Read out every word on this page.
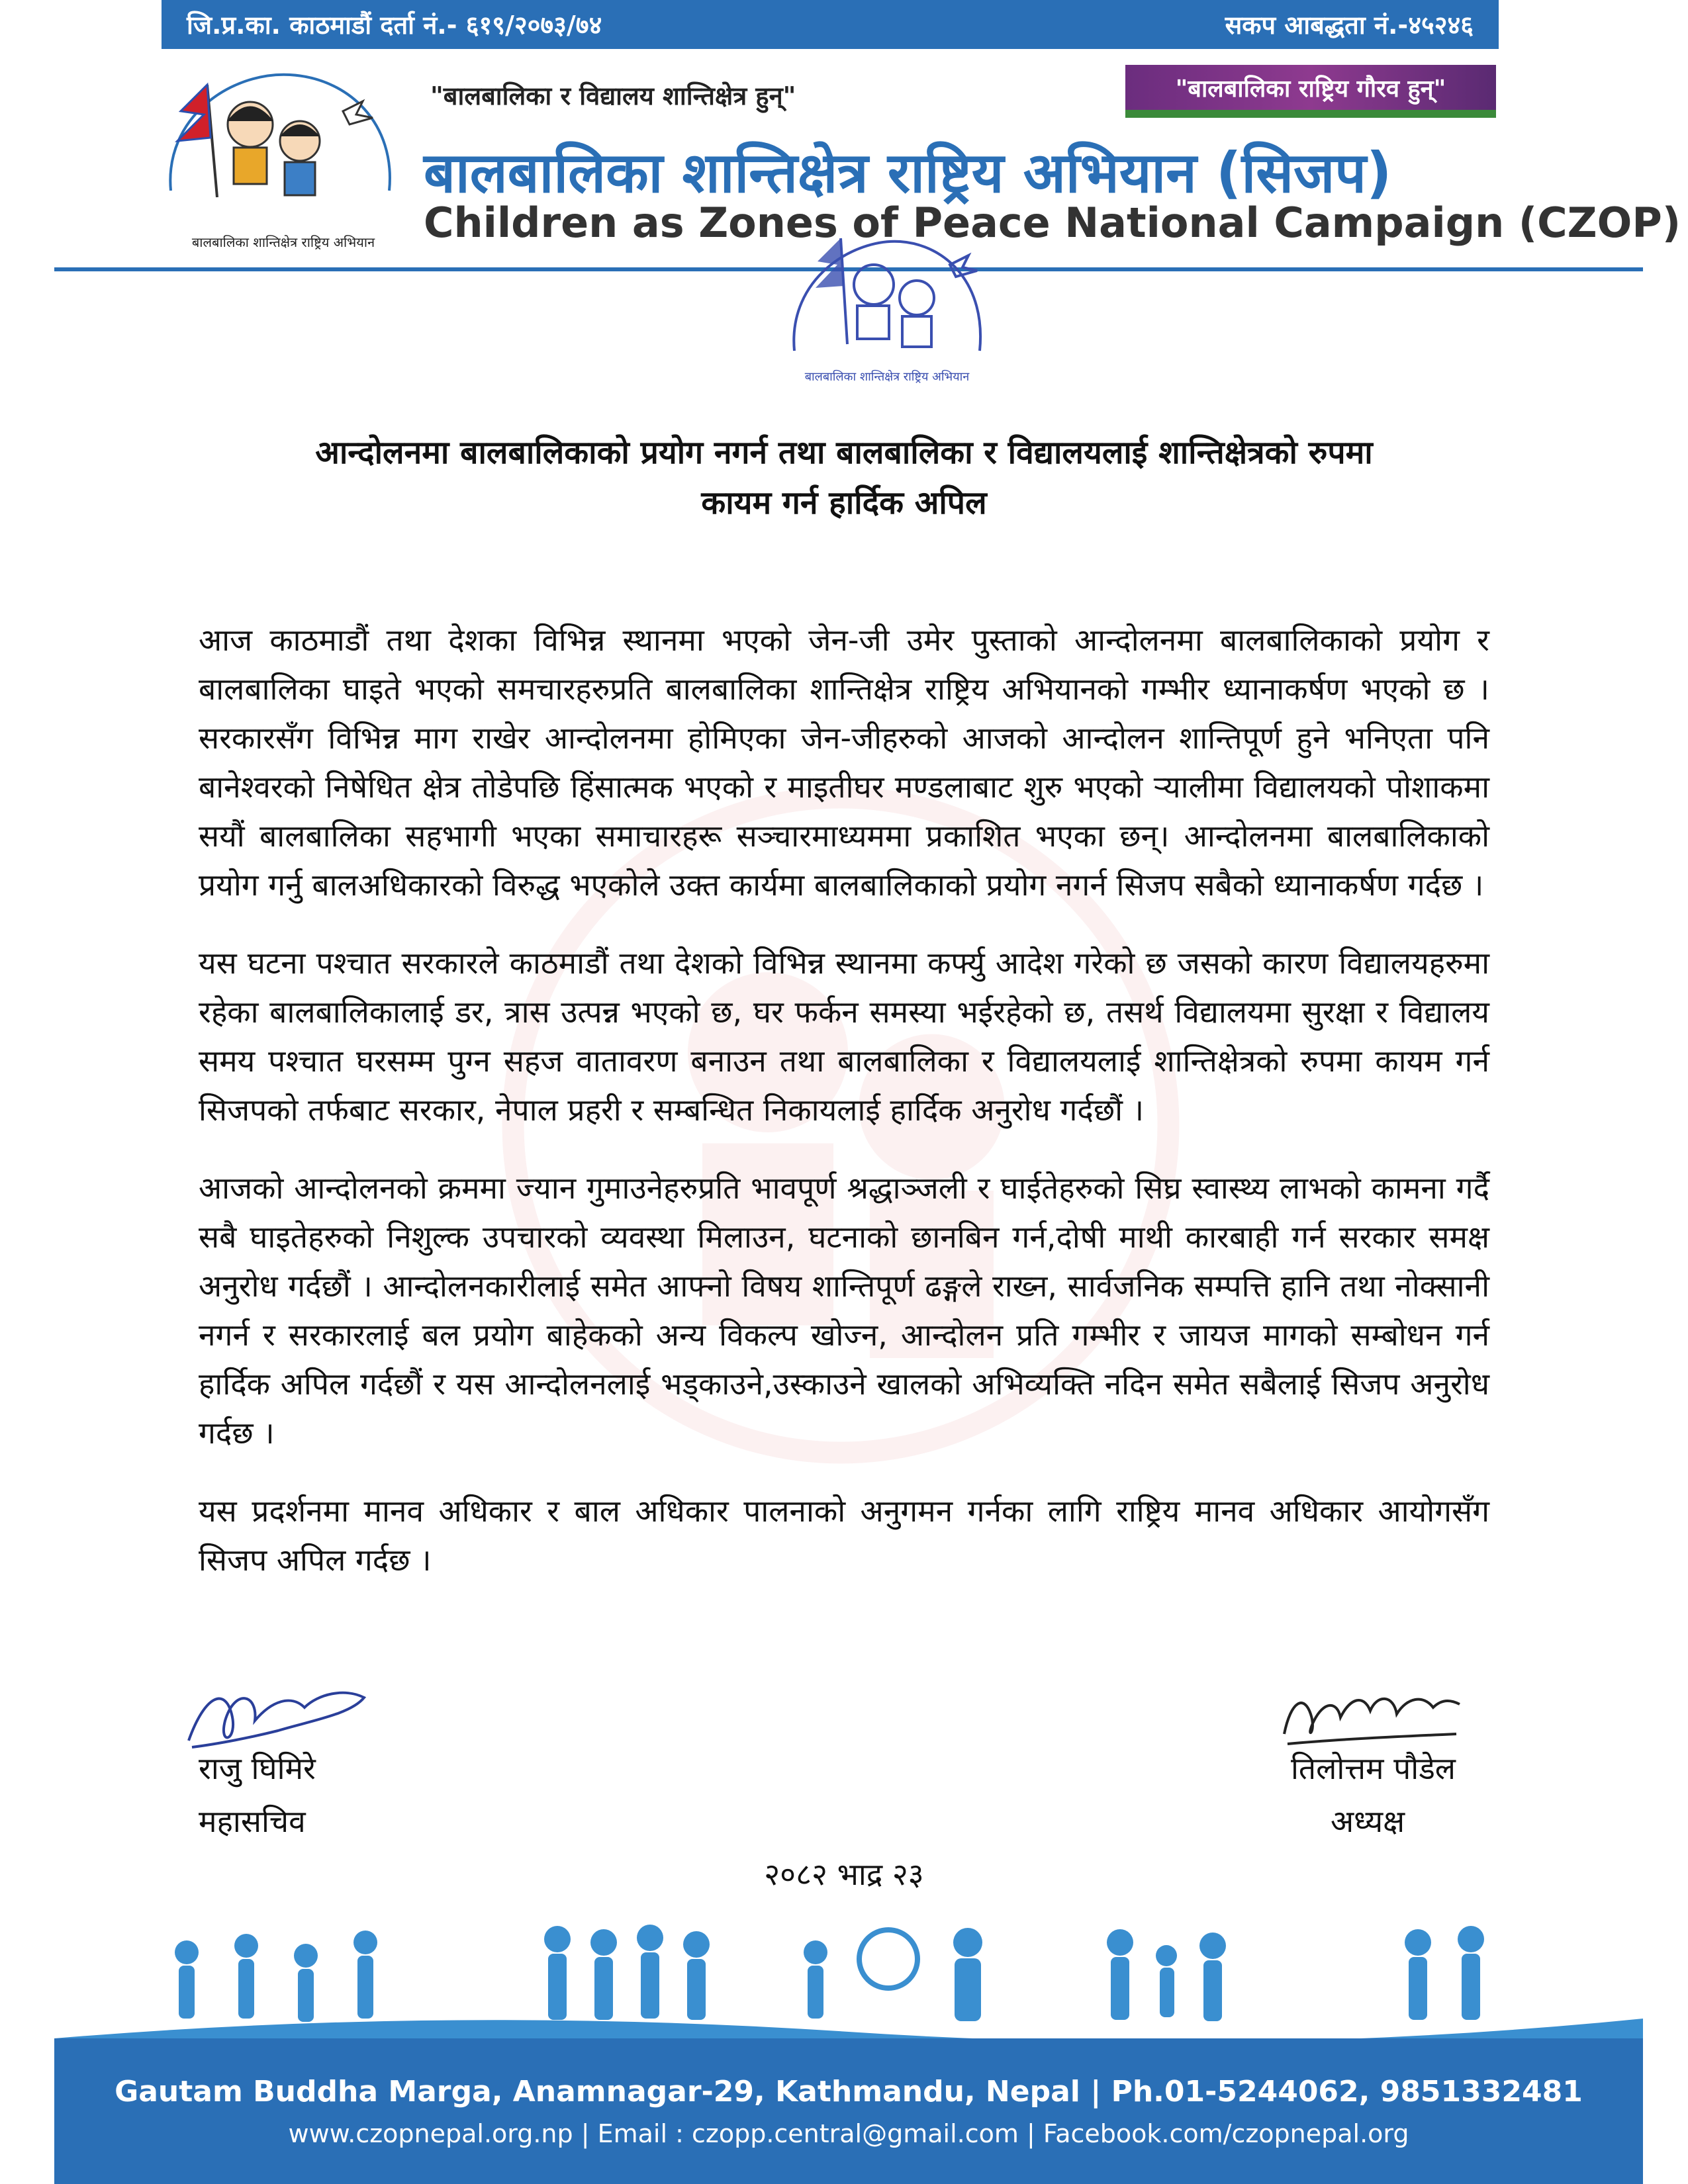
जि.प्र.का. काठमाडौं दर्ता नं.- ६१९/२०७३/७४	सकप आबद्धता नं.-४५२४६
बालबालिका शान्तिक्षेत्र राष्ट्रिय अभियान
"बालबालिका र विद्यालय शान्तिक्षेत्र हुन्"	"बालबालिका राष्ट्रिय गौरव हुन्"
बालबालिका शान्तिक्षेत्र राष्ट्रिय अभियान (सिजप)
Children as Zones of Peace National Campaign (CZOP)
बालबालिका शान्तिक्षेत्र राष्ट्रिय अभियान
आन्दोलनमा बालबालिकाको प्रयोग नगर्न तथा बालबालिका र विद्यालयलाई शान्तिक्षेत्रको रुपमा
कायम गर्न हार्दिक अपिल

आज काठमाडौं तथा देशका विभिन्न स्थानमा भएको जेन-जी उमेर पुस्ताको आन्दोलनमा बालबालिकाको प्रयोग र बालबालिका घाइते भएको समचारहरुप्रति बालबालिका शान्तिक्षेत्र राष्ट्रिय अभियानको गम्भीर ध्यानाकर्षण भएको छ । सरकारसँग विभिन्न माग राखेर आन्दोलनमा होमिएका जेन-जीहरुको आजको आन्दोलन शान्तिपूर्ण हुने भनिएता पनि बानेश्वरको निषेधित क्षेत्र तोडेपछि हिंसात्मक भएको र माइतीघर मण्डलाबाट शुरु भएको र्‍यालीमा विद्यालयको पोशाकमा सयौं बालबालिका सहभागी भएका समाचारहरू सञ्चारमाध्यममा प्रकाशित भएका छन्। आन्दोलनमा बालबालिकाको प्रयोग गर्नु बालअधिकारको विरुद्ध भएकोले उक्त कार्यमा बालबालिकाको प्रयोग नगर्न सिजप सबैको ध्यानाकर्षण गर्दछ ।

यस घटना पश्चात सरकारले काठमाडौं तथा देशको विभिन्न स्थानमा कर्फ्यु आदेश गरेको छ जसको कारण विद्यालयहरुमा रहेका बालबालिकालाई डर, त्रास उत्पन्न भएको छ, घर फर्कन समस्या भईरहेको छ, तसर्थ विद्यालयमा सुरक्षा र विद्यालय समय पश्चात घरसम्म पुग्न सहज वातावरण बनाउन तथा बालबालिका र विद्यालयलाई शान्तिक्षेत्रको रुपमा कायम गर्न सिजपको तर्फबाट सरकार, नेपाल प्रहरी र सम्बन्धित निकायलाई हार्दिक अनुरोध गर्दछौं ।

आजको आन्दोलनको क्रममा ज्यान गुमाउनेहरुप्रति भावपूर्ण श्रद्धाञ्जली र घाईतेहरुको सिघ्र स्वास्थ्य लाभको कामना गर्दै सबै घाइतेहरुको निशुल्क उपचारको व्यवस्था मिलाउन, घटनाको छानबिन गर्न,दोषी माथी कारबाही गर्न सरकार समक्ष अनुरोध गर्दछौं । आन्दोलनकारीलाई समेत आफ्नो विषय शान्तिपूर्ण ढङ्गले राख्न, सार्वजनिक सम्पत्ति हानि तथा नोक्सानी नगर्न र सरकारलाई बल प्रयोग बाहेकको अन्य विकल्प खोज्न, आन्दोलन प्रति गम्भीर र जायज मागको सम्बोधन गर्न हार्दिक अपिल गर्दछौं र यस आन्दोलनलाई भड्काउने,उस्काउने खालको अभिव्यक्ति नदिन समेत सबैलाई सिजप अनुरोध गर्दछ ।

यस प्रदर्शनमा मानव अधिकार र बाल अधिकार पालनाको अनुगमन गर्नका लागि राष्ट्रिय मानव अधिकार आयोगसँग सिजप अपिल गर्दछ ।

राजु घिमिरे
महासचिव
तिलोत्तम पौडेल
अध्यक्ष
२०८२ भाद्र २३
Gautam Buddha Marga, Anamnagar-29, Kathmandu, Nepal | Ph.01-5244062, 9851332481
www.czopnepal.org.np | Email : czopp.central@gmail.com | Facebook.com/czopnepal.org
